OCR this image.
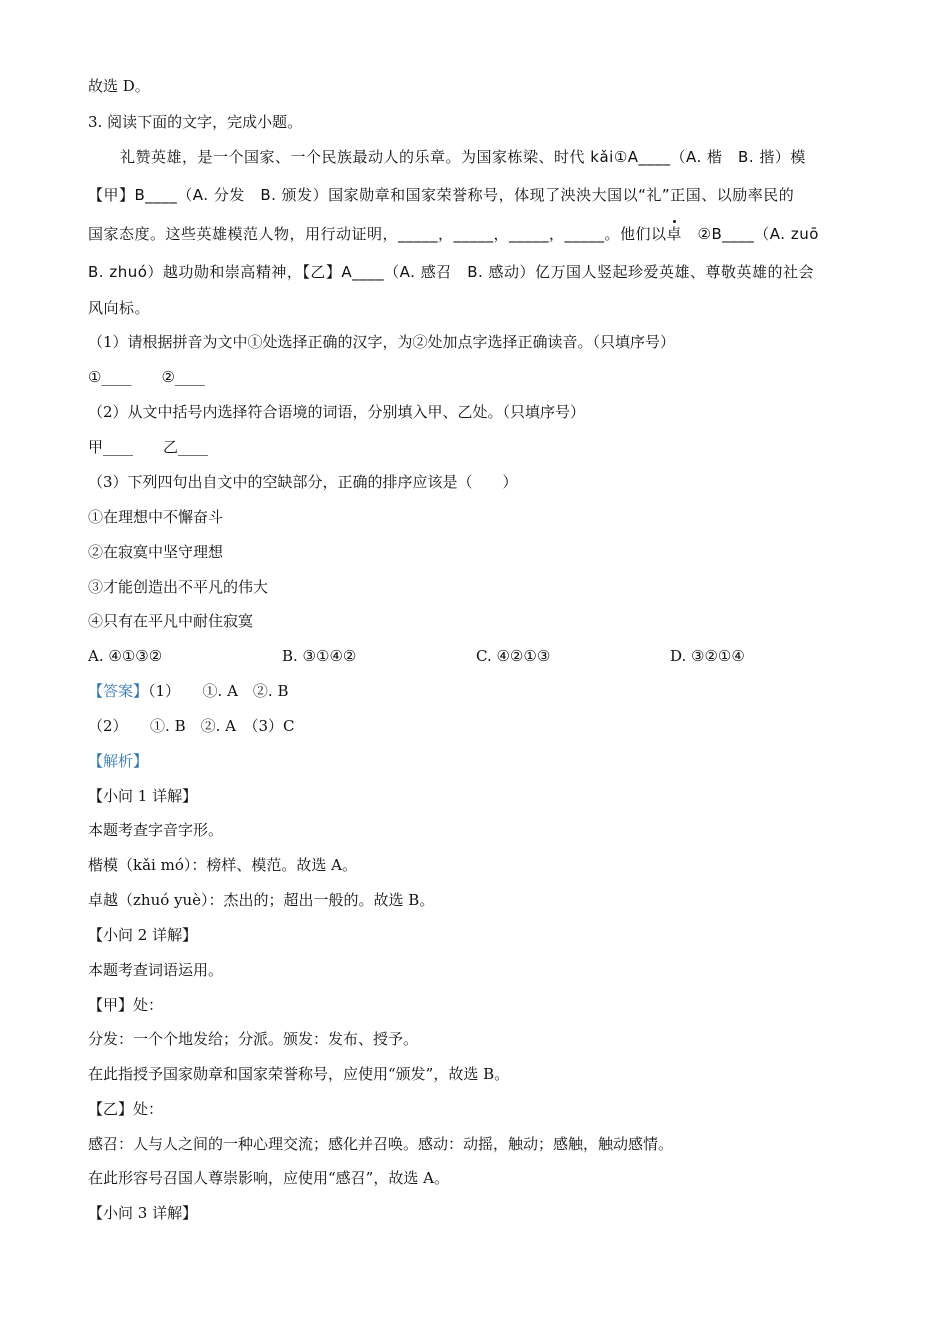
故选 D。
3. 阅读下面的文字，完成小题。
礼赞英雄，是一个国家、一个民族最动人的乐章。为国家栋梁、时代 kǎi①A____（A. 楷　B. 揩）模
【甲】B____（A. 分发　B. 颁发）国家勋章和国家荣誉称号，体现了泱泱大国以“礼”正国、以励率民的
国家态度。这些英雄模范人物，用行动证明，_____，_____，_____，_____。他们以卓　 ②B____（A. zuō
B. zhuó）越功勋和崇高精神，【乙】A____（A. 感召　B. 感动）亿万国人竖起珍爱英雄、尊敬英雄的社会
风向标。
（1）请根据拼音为文中①处选择正确的汉字，为②处加点字选择正确读音。（只填序号）
①____　　②____
（2）从文中括号内选择符合语境的词语，分别填入甲、乙处。（只填序号）
甲____　　乙____
（3）下列四句出自文中的空缺部分，正确的排序应该是（　　）
①在理想中不懈奋斗
②在寂寞中坚守理想
③才能创造出不平凡的伟大
④只有在平凡中耐住寂寞
A. ④①③②	B. ③①④②	C. ④②①③	D. ③②①④
【答案】（1）　　①. A　②. B
（2）　　①. B　②. A　（3）C
【解析】
【小问 1 详解】
本题考查字音字形。
楷模（kǎi mó）：榜样、模范。故选 A。
卓越（zhuó yuè）：杰出的；超出一般的。故选 B。
【小问 2 详解】
本题考查词语运用。
【甲】处：
分发：一个个地发给；分派。颁发：发布、授予。
在此指授予国家勋章和国家荣誉称号，应使用“颁发”，故选 B。
【乙】处：
感召：人与人之间的一种心理交流；感化并召唤。感动：动摇，触动；感触，触动感情。
在此形容号召国人尊崇影响，应使用“感召”，故选 A。
【小问 3 详解】
